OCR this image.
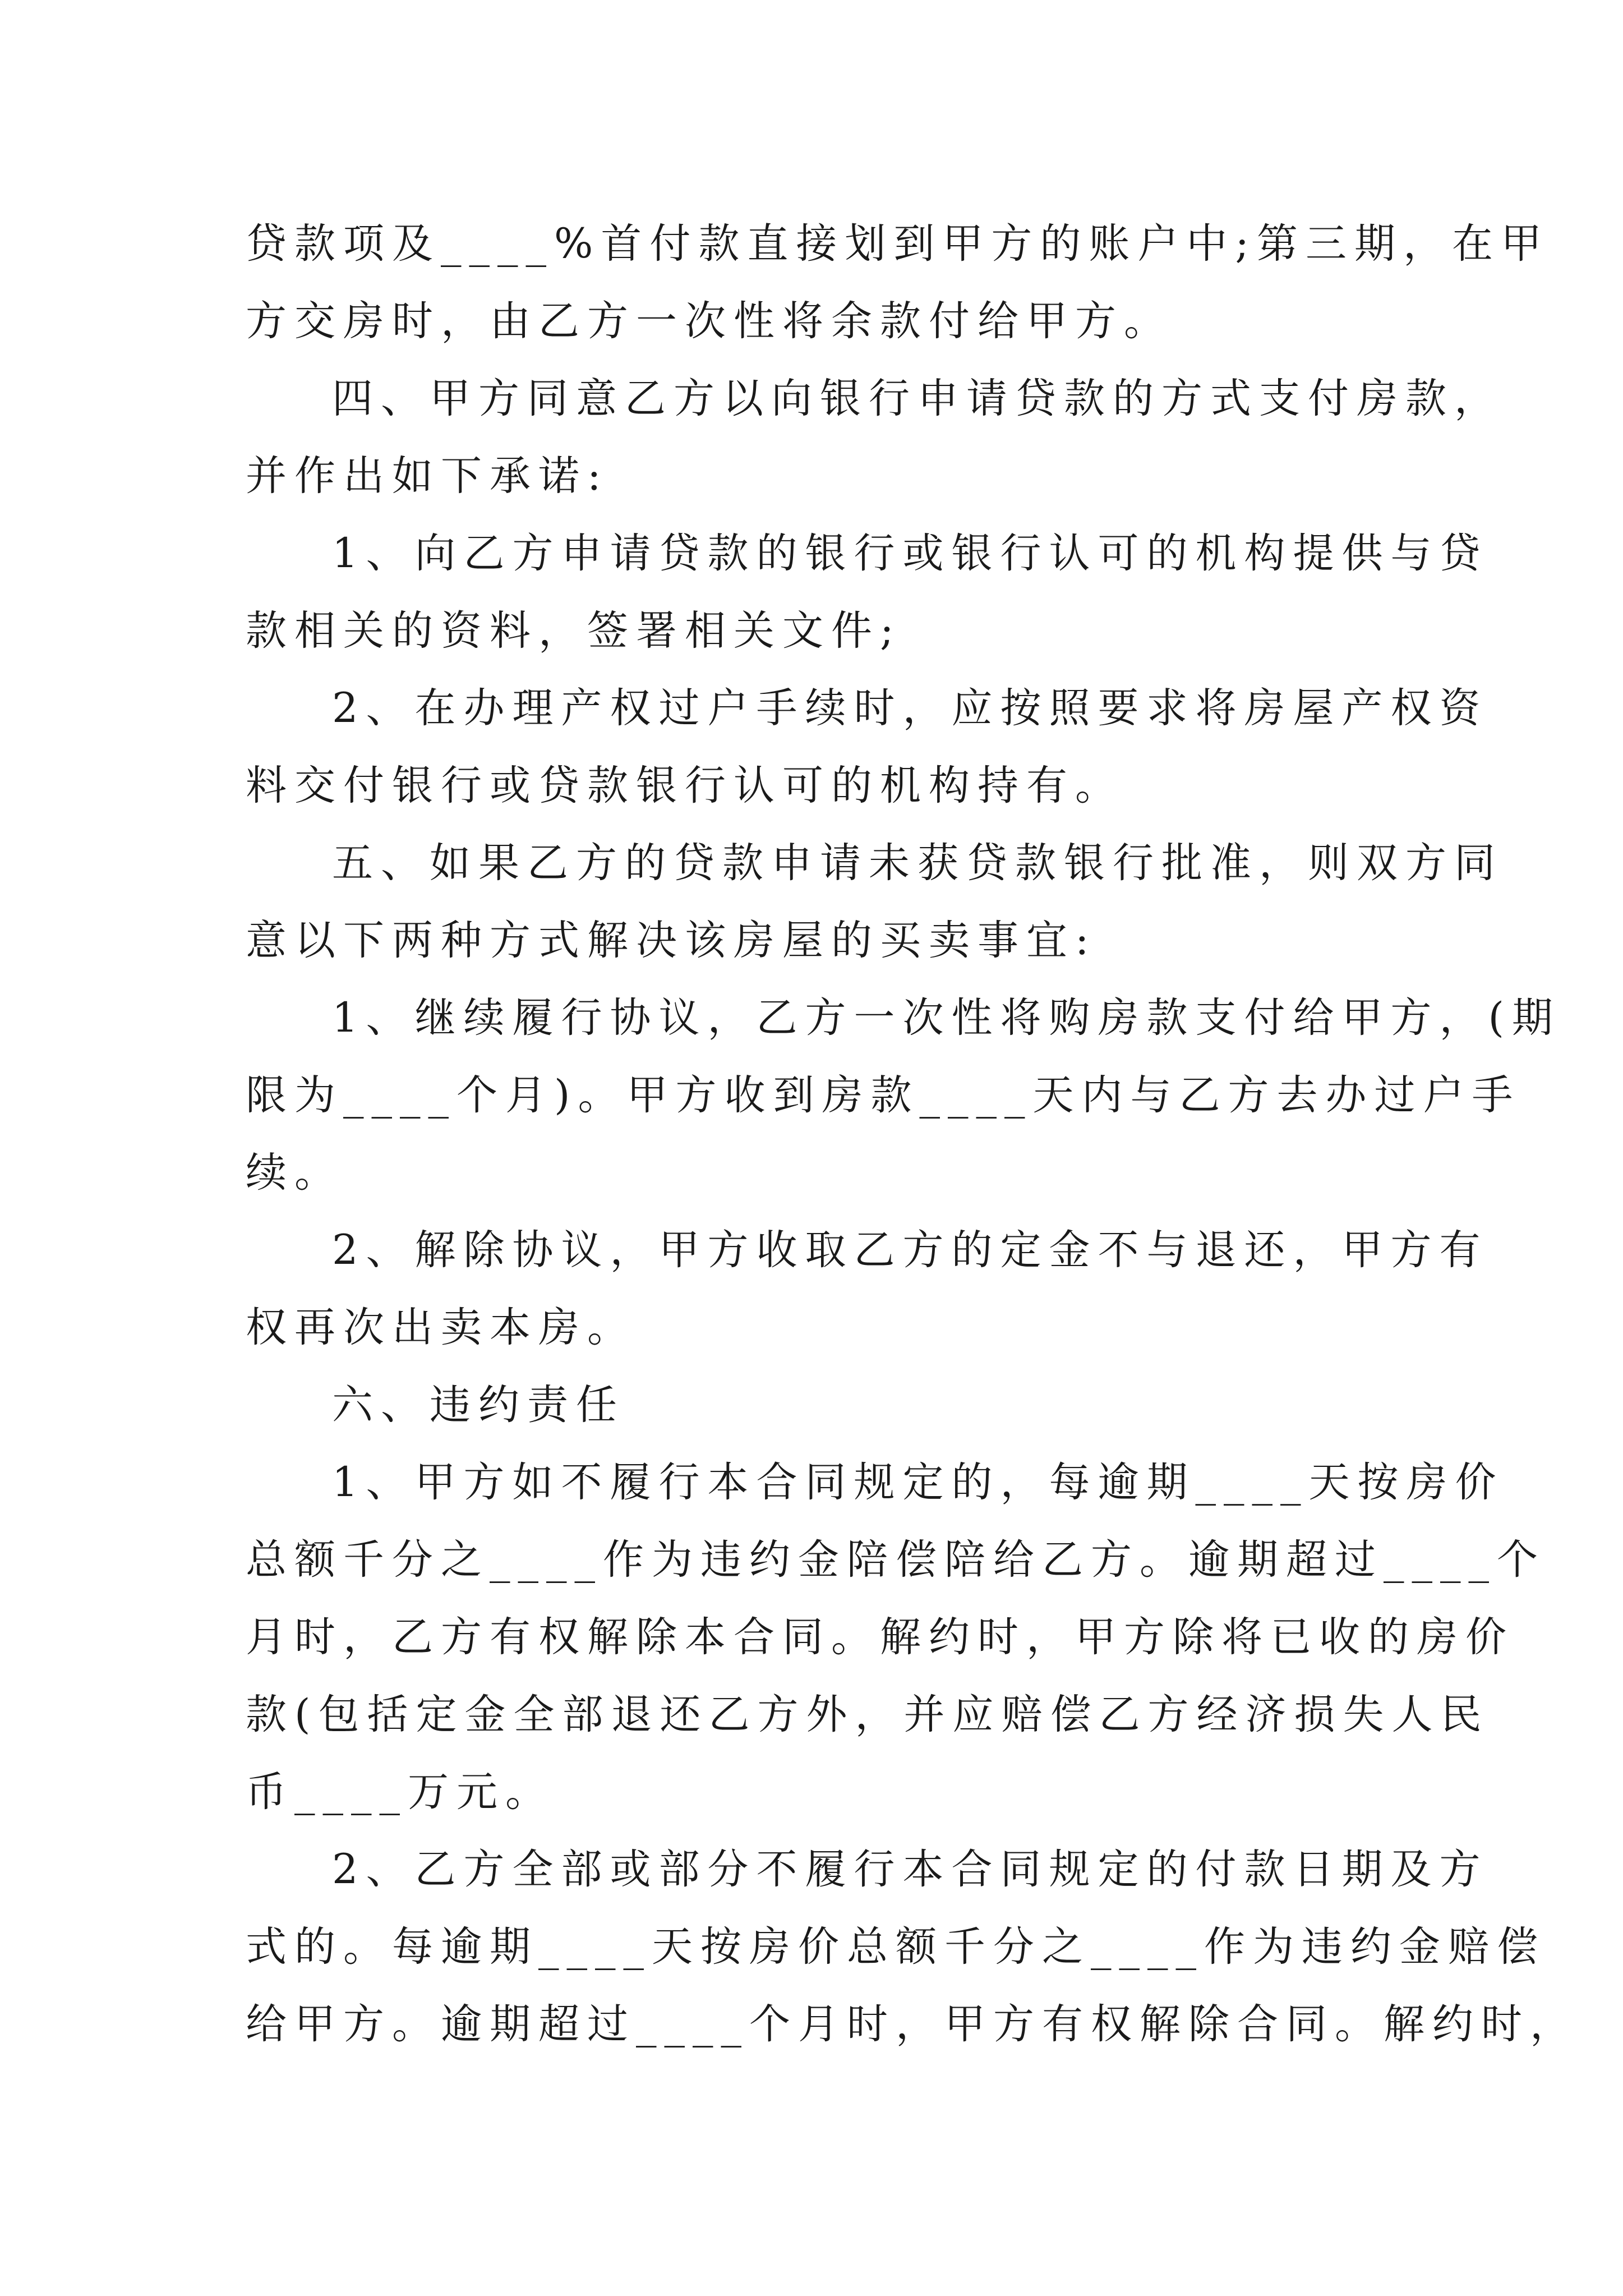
贷款项及____%首付款直接划到甲方的账户中;第三期，在甲
方交房时，由乙方一次性将余款付给甲方。
四、甲方同意乙方以向银行申请贷款的方式支付房款，
并作出如下承诺:
1、向乙方申请贷款的银行或银行认可的机构提供与贷
款相关的资料，签署相关文件;
2、在办理产权过户手续时，应按照要求将房屋产权资
料交付银行或贷款银行认可的机构持有。
五、如果乙方的贷款申请未获贷款银行批准，则双方同
意以下两种方式解决该房屋的买卖事宜:
1、继续履行协议，乙方一次性将购房款支付给甲方，(期
限为____个月)。甲方收到房款____天内与乙方去办过户手
续。
2、解除协议，甲方收取乙方的定金不与退还，甲方有
权再次出卖本房。
六、违约责任
1、甲方如不履行本合同规定的，每逾期____天按房价
总额千分之____作为违约金陪偿陪给乙方。逾期超过____个
月时，乙方有权解除本合同。解约时，甲方除将已收的房价
款(包括定金全部退还乙方外，并应赔偿乙方经济损失人民
币____万元。
2、乙方全部或部分不履行本合同规定的付款日期及方
式的。每逾期____天按房价总额千分之____作为违约金赔偿
给甲方。逾期超过____个月时，甲方有权解除合同。解约时，
